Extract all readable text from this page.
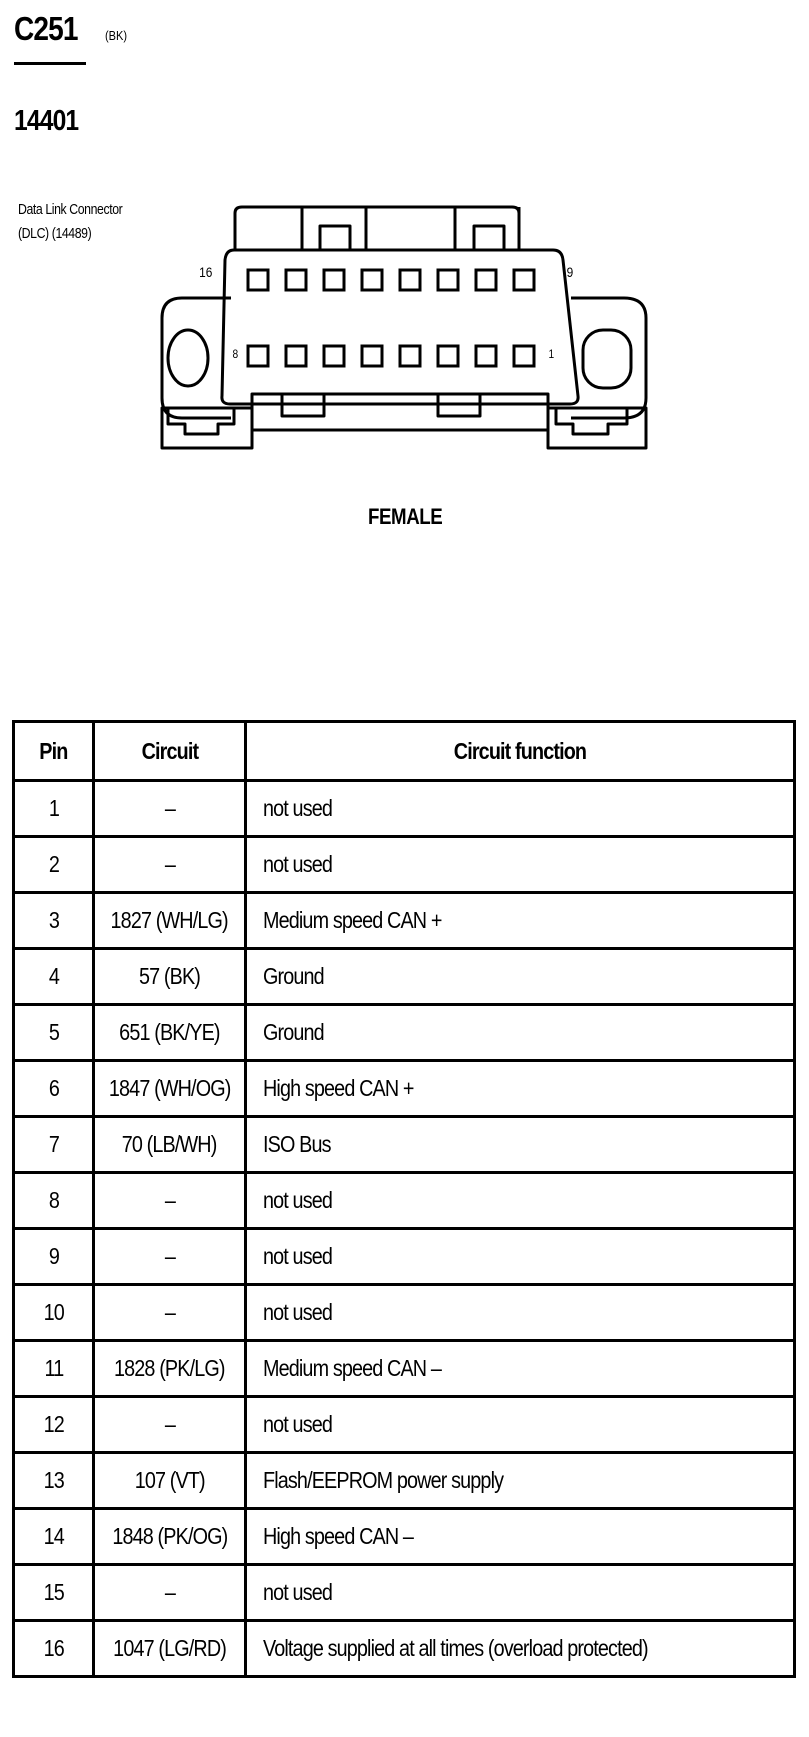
C251 (BK)
14401
Data Link Connector
(DLC) (14489)
16	9
8	1
FEMALE
Pin	Circuit	Circuit function
1	–	not used
2	–	not used
3	1827 (WH/LG)	Medium speed CAN +
4	57 (BK)	Ground
5	651 (BK/YE)	Ground
6	1847 (WH/OG)	High speed CAN +
7	70 (LB/WH)	ISO Bus
8	–	not used
9	–	not used
10	–	not used
11	1828 (PK/LG)	Medium speed CAN –
12	–	not used
13	107 (VT)	Flash/EEPROM power supply
14	1848 (PK/OG)	High speed CAN –
15	–	not used
16	1047 (LG/RD)	Voltage supplied at all times (overload protected)
